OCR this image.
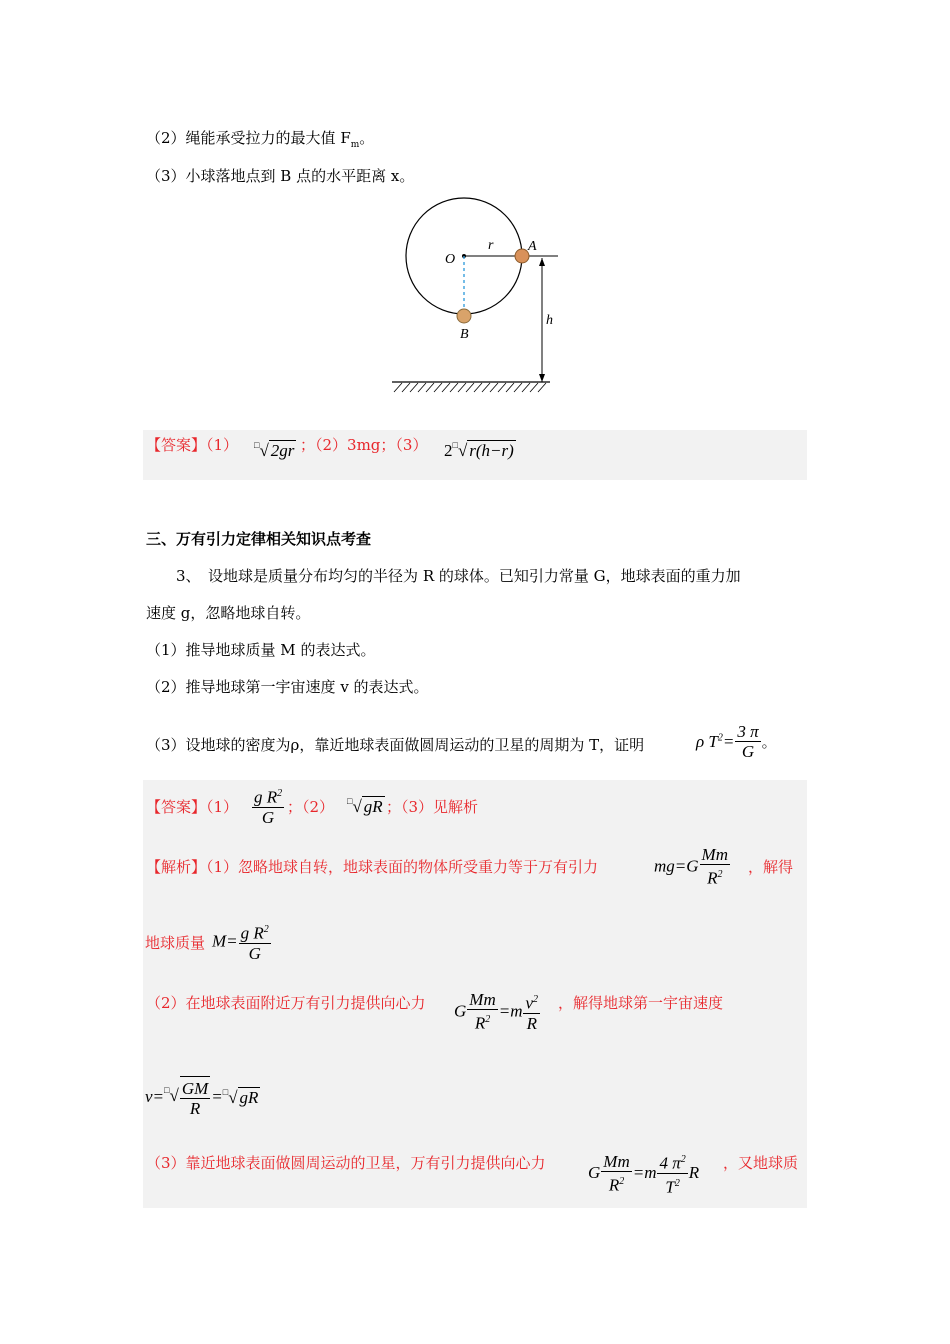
（2）绳能承受拉力的最大值 $F_m$。
（3）小球落地点到 B 点的水平距离 x。
O
r A
B
h
【答案】（1） □√ 2gr ；（2）3mg；（3） 2□√ r(h−r)
三、万有引力定律相关知识点考查
3、　设地球是质量分布均匀的半径为 R 的球体。已知引力常量 G，地球表面的重力加
速度 g，忽略地球自转。
（1）推导地球质量 M 的表达式。
（2）推导地球第一宇宙速度 v 的表达式。
（3）设地球的密度为ρ，靠近地球表面做圆周运动的卫星的周期为 T，证明	ρ $T^2= \frac{3 \pi}{G}$ 。
【答案】$(1) \frac{g R^2}{G}$ ；（2） □√ gR ；（3）见解析
【解析】（1）忽略地球自转，地球表面的物体所受重力等于万有引力	$mg=G \frac{Mm}{R^2}$ ，解得
地球质量 $M= \frac{g R^2}{G}$
（2）在地球表面附近万有引力提供向心力 G $\frac{Mm}{R^2} =m \frac{v^2}{R}$ ，解得地球第一宇宙速度
$v=^□√ \frac{GM}{R} =^□√$ gR
（3）靠近地球表面做圆周运动的卫星，万有引力提供向心力
G $\frac{Mm}{R^2} =m \frac{4 \pi^2}{T^2}$ R
，又地球质
